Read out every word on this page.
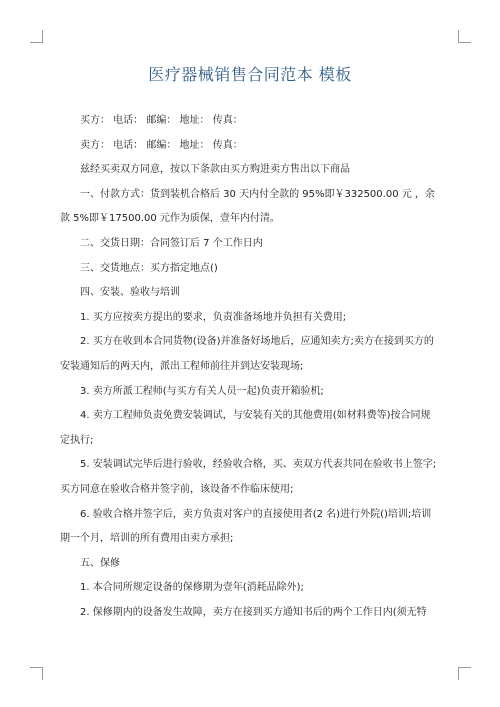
医疗器械销售合同范本 模板
买方： 电话： 邮编： 地址： 传真：
卖方： 电话： 邮编： 地址： 传真：
兹经买卖双方同意，按以下条款由买方购进卖方售出以下商品
一、付款方式：货到装机合格后 30 天内付全款的 95%即￥332500.00 元 ，余
款 5%即￥17500.00 元作为质保，壹年内付清。
二、交货日期：合同签订后 7 个工作日内
三、交货地点：买方指定地点()
四、安装、验收与培训
1. 买方应按卖方提出的要求，负责准备场地并负担有关费用;
2. 买方在收到本合同货物(设备)并准备好场地后，应通知卖方;卖方在接到买方的
安装通知后的两天内，派出工程师前往并到达安装现场;
3. 卖方所派工程师(与买方有关人员一起)负责开箱验机;
4. 卖方工程师负责免费安装调试，与安装有关的其他费用(如材料费等)按合同规
定执行;
5. 安装调试完毕后进行验收，经验收合格，买、卖双方代表共同在验收书上签字;
买方同意在验收合格并签字前，该设备不作临床使用;
6. 验收合格并签字后，卖方负责对客户的直接使用者(2 名)进行外院()培训;培训
期一个月，培训的所有费用由卖方承担;
五、保修
1. 本合同所规定设备的保修期为壹年(消耗品除外);
2. 保修期内的设备发生故障，卖方在接到买方通知书后的两个工作日内(须无特
